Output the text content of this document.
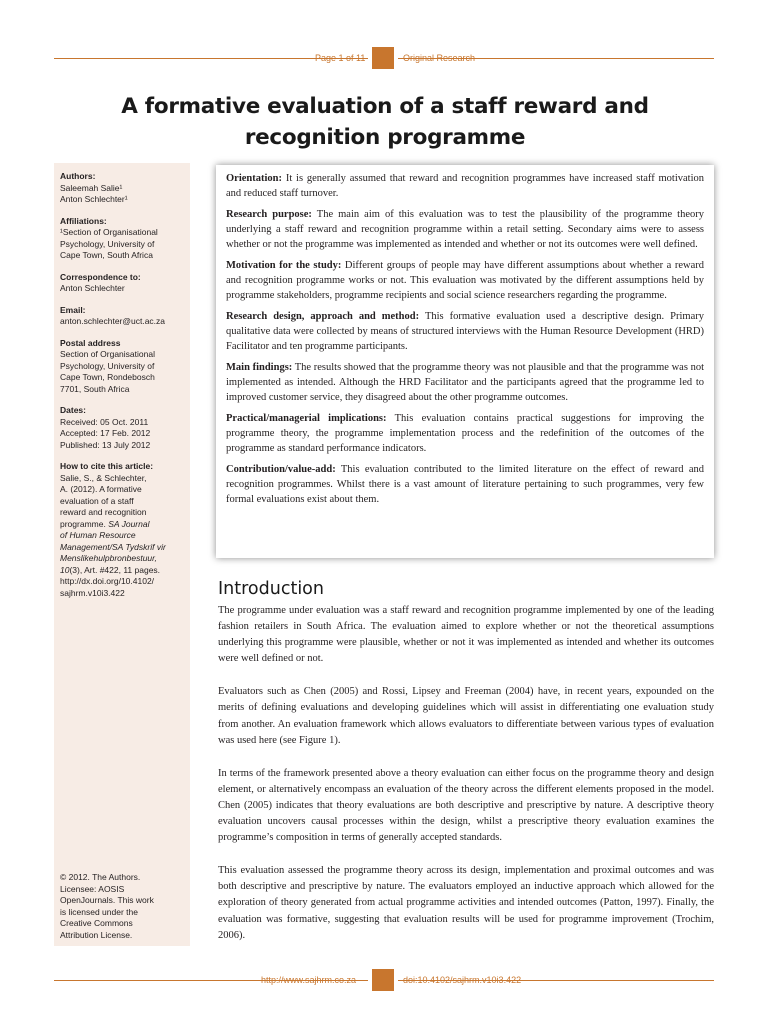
Page 1 of 11	Original Research
A formative evaluation of a staff reward and
recognition programme
Authors:
Saleemah Salie¹
Anton Schlechter¹
Affiliations:
¹Section of Organisational
Psychology, University of
Cape Town, South Africa
Correspondence to:
Anton Schlechter
Email:
anton.schlechter@uct.ac.za
Postal address
Section of Organisational
Psychology, University of
Cape Town, Rondebosch
7701, South Africa
Dates:
Received: 05 Oct. 2011
Accepted: 17 Feb. 2012
Published: 13 July 2012
How to cite this article:
Salie, S., & Schlechter,
A. (2012). A formative
evaluation of a staff
reward and recognition
programme. SA Journal
of Human Resource
Management/SA Tydskrif vir
Menslikehulpbronbestuur,
10(3), Art. #422, 11 pages.
http://dx.doi.org/10.4102/
sajhrm.v10i3.422
© 2012. The Authors.
Licensee: AOSIS
OpenJournals. This work
is licensed under the
Creative Commons
Attribution License.

Orientation: It is generally assumed that reward and recognition programmes have increased staff motivation and reduced staff turnover.

Research purpose: The main aim of this evaluation was to test the plausibility of the programme theory underlying a staff reward and recognition programme within a retail setting. Secondary aims were to assess whether or not the programme was implemented as intended and whether or not its outcomes were well defined.

Motivation for the study: Different groups of people may have different assumptions about whether a reward and recognition programme works or not. This evaluation was motivated by the different assumptions held by programme stakeholders, programme recipients and social science researchers regarding the programme.

Research design, approach and method: This formative evaluation used a descriptive design. Primary qualitative data were collected by means of structured interviews with the Human Resource Development (HRD) Facilitator and ten programme participants.

Main findings: The results showed that the programme theory was not plausible and that the programme was not implemented as intended. Although the HRD Facilitator and the participants agreed that the programme led to improved customer service, they disagreed about the other programme outcomes.

Practical/managerial implications: This evaluation contains practical suggestions for improving the programme theory, the programme implementation process and the redefinition of the outcomes of the programme as standard performance indicators.

Contribution/value-add: This evaluation contributed to the limited literature on the effect of reward and recognition programmes. Whilst there is a vast amount of literature pertaining to such programmes, very few formal evaluations exist about them.

Introduction

The programme under evaluation was a staff reward and recognition programme implemented by one of the leading fashion retailers in South Africa. The evaluation aimed to explore whether or not the theoretical assumptions underlying this programme were plausible, whether or not it was implemented as intended and whether its outcomes were well defined or not.

Evaluators such as Chen (2005) and Rossi, Lipsey and Freeman (2004) have, in recent years, expounded on the merits of defining evaluations and developing guidelines which will assist in differentiating one evaluation study from another. An evaluation framework which allows evaluators to differentiate between various types of evaluation was used here (see Figure 1).

In terms of the framework presented above a theory evaluation can either focus on the programme theory and design element, or alternatively encompass an evaluation of the theory across the different elements proposed in the model. Chen (2005) indicates that theory evaluations are both descriptive and prescriptive by nature. A descriptive theory evaluation uncovers causal processes within the design, whilst a prescriptive theory evaluation examines the programme’s composition in terms of generally accepted standards.

This evaluation assessed the programme theory across its design, implementation and proximal outcomes and was both descriptive and prescriptive by nature. The evaluators employed an inductive approach which allowed for the exploration of theory generated from actual programme activities and intended outcomes (Patton, 1997). Finally, the evaluation was formative, suggesting that evaluation results will be used for programme improvement (Trochim, 2006).

http://www.sajhrm.co.za	doi:10.4102/sajhrm.v10i3.422
